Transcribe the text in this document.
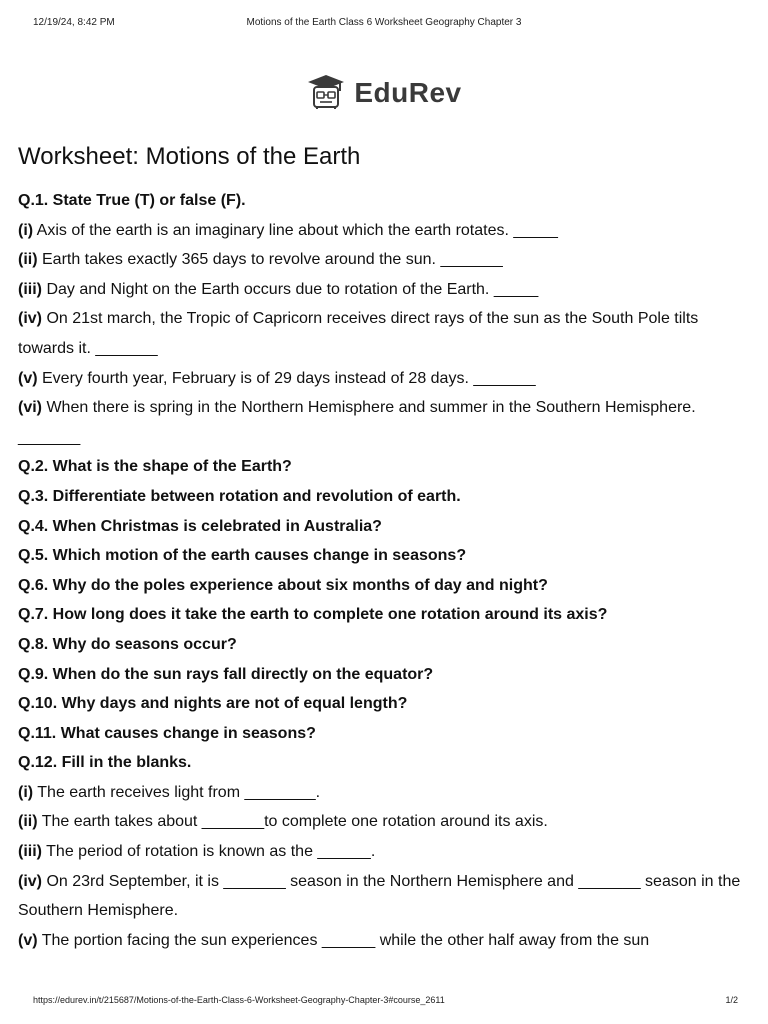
12/19/24, 8:42 PM	Motions of the Earth Class 6 Worksheet Geography Chapter 3
EduRev
Worksheet: Motions of the Earth

Q.1. State True (T) or false (F).

(i) Axis of the earth is an imaginary line about which the earth rotates. _____

(ii) Earth takes exactly 365 days to revolve around the sun. _______

(iii) Day and Night on the Earth occurs due to rotation of the Earth. _____

(iv) On 21st march, the Tropic of Capricorn receives direct rays of the sun as the South Pole tilts towards it. _______

(v) Every fourth year, February is of 29 days instead of 28 days. _______

(vi) When there is spring in the Northern Hemisphere and summer in the Southern Hemisphere. _______

Q.2. What is the shape of the Earth?

Q.3. Differentiate between rotation and revolution of earth.

Q.4. When Christmas is celebrated in Australia?

Q.5. Which motion of the earth causes change in seasons?

Q.6. Why do the poles experience about six months of day and night?

Q.7. How long does it take the earth to complete one rotation around its axis?

Q.8. Why do seasons occur?

Q.9. When do the sun rays fall directly on the equator?

Q.10. Why days and nights are not of equal length?

Q.11. What causes change in seasons?

Q.12. Fill in the blanks.

(i) The earth receives light from ________.

(ii) The earth takes about _______to complete one rotation around its axis.

(iii) The period of rotation is known as the ______.

(iv) On 23rd September, it is _______ season in the Northern Hemisphere and _______ season in the Southern Hemisphere.

(v) The portion facing the sun experiences ______ while the other half away from the sun

https://edurev.in/t/215687/Motions-of-the-Earth-Class-6-Worksheet-Geography-Chapter-3#course_2611	1/2
